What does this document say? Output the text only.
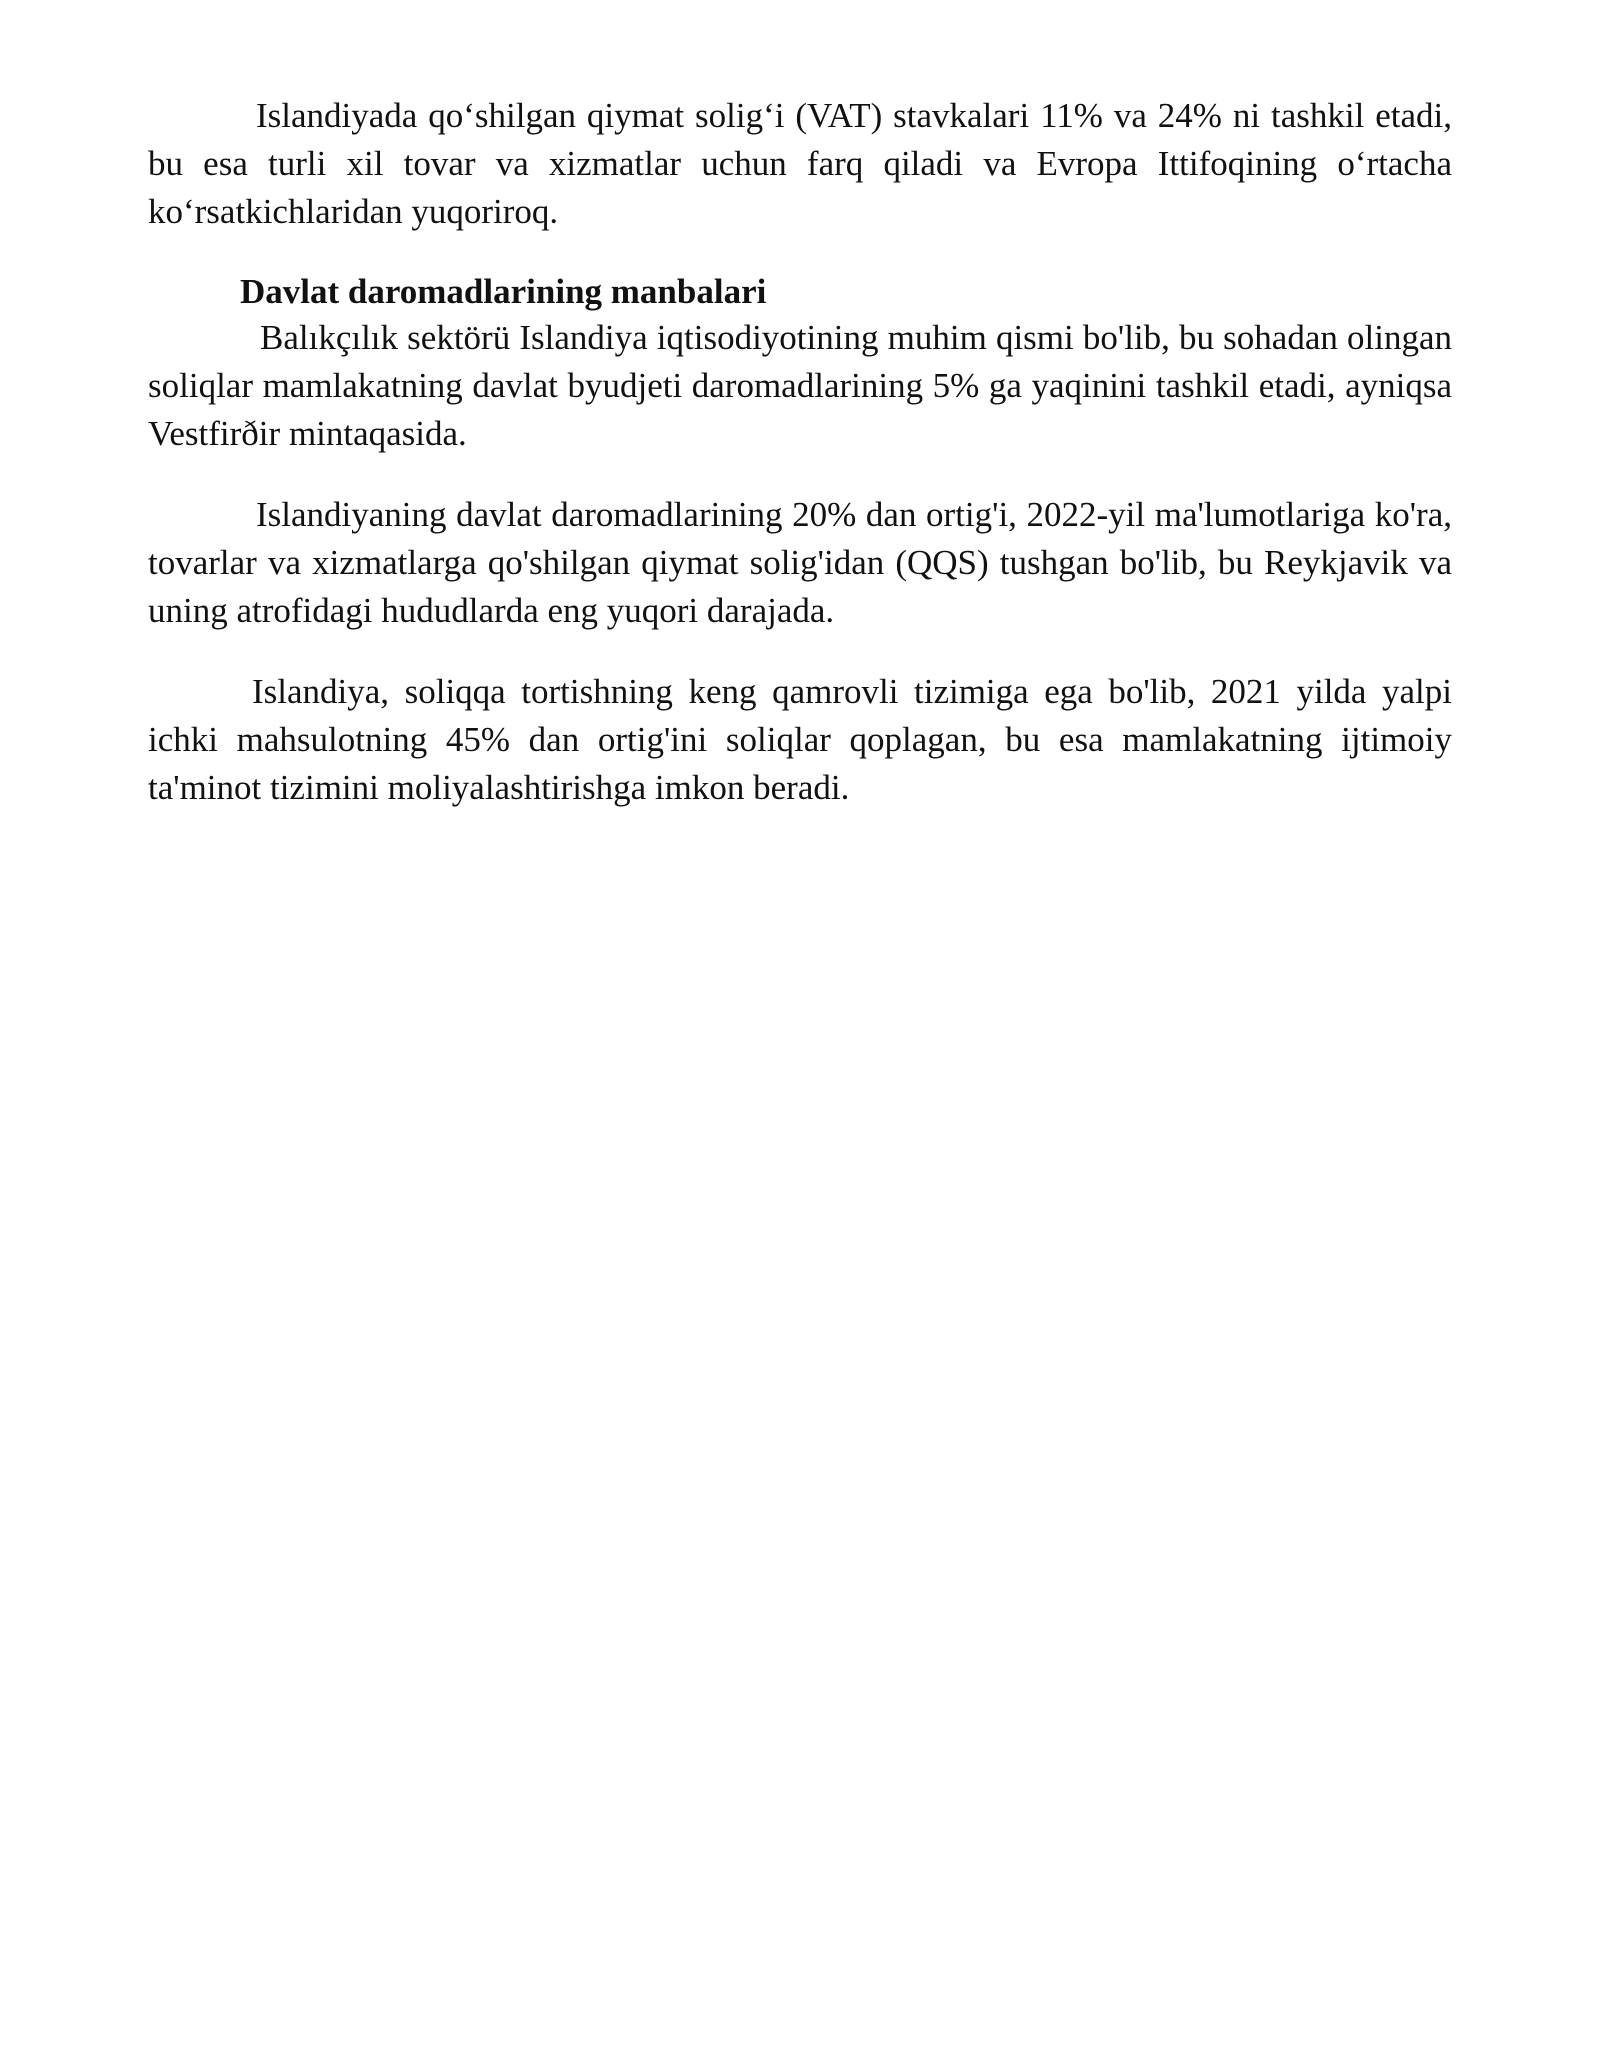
Islandiyada qo‘shilgan qiymat solig‘i (VAT) stavkalari 11% va 24% ni tashkil etadi, bu esa turli xil tovar va xizmatlar uchun farq qiladi va Evropa Ittifoqining o‘rtacha ko‘rsatkichlaridan yuqoriroq.

Davlat daromadlarining manbalari

Balıkçılık sektörü Islandiya iqtisodiyotining muhim qismi bo'lib, bu sohadan olingan soliqlar mamlakatning davlat byudjeti daromadlarining 5% ga yaqinini tashkil etadi, ayniqsa Vestfirðir mintaqasida.

Islandiyaning davlat daromadlarining 20% dan ortig'i, 2022-yil ma'lumotlariga ko'ra, tovarlar va xizmatlarga qo'shilgan qiymat solig'idan (QQS) tushgan bo'lib, bu Reykjavik va uning atrofidagi hududlarda eng yuqori darajada.

Islandiya, soliqqa tortishning keng qamrovli tizimiga ega bo'lib, 2021 yilda yalpi ichki mahsulotning 45% dan ortig'ini soliqlar qoplagan, bu esa mamlakatning ijtimoiy ta'minot tizimini moliyalashtirishga imkon beradi.
